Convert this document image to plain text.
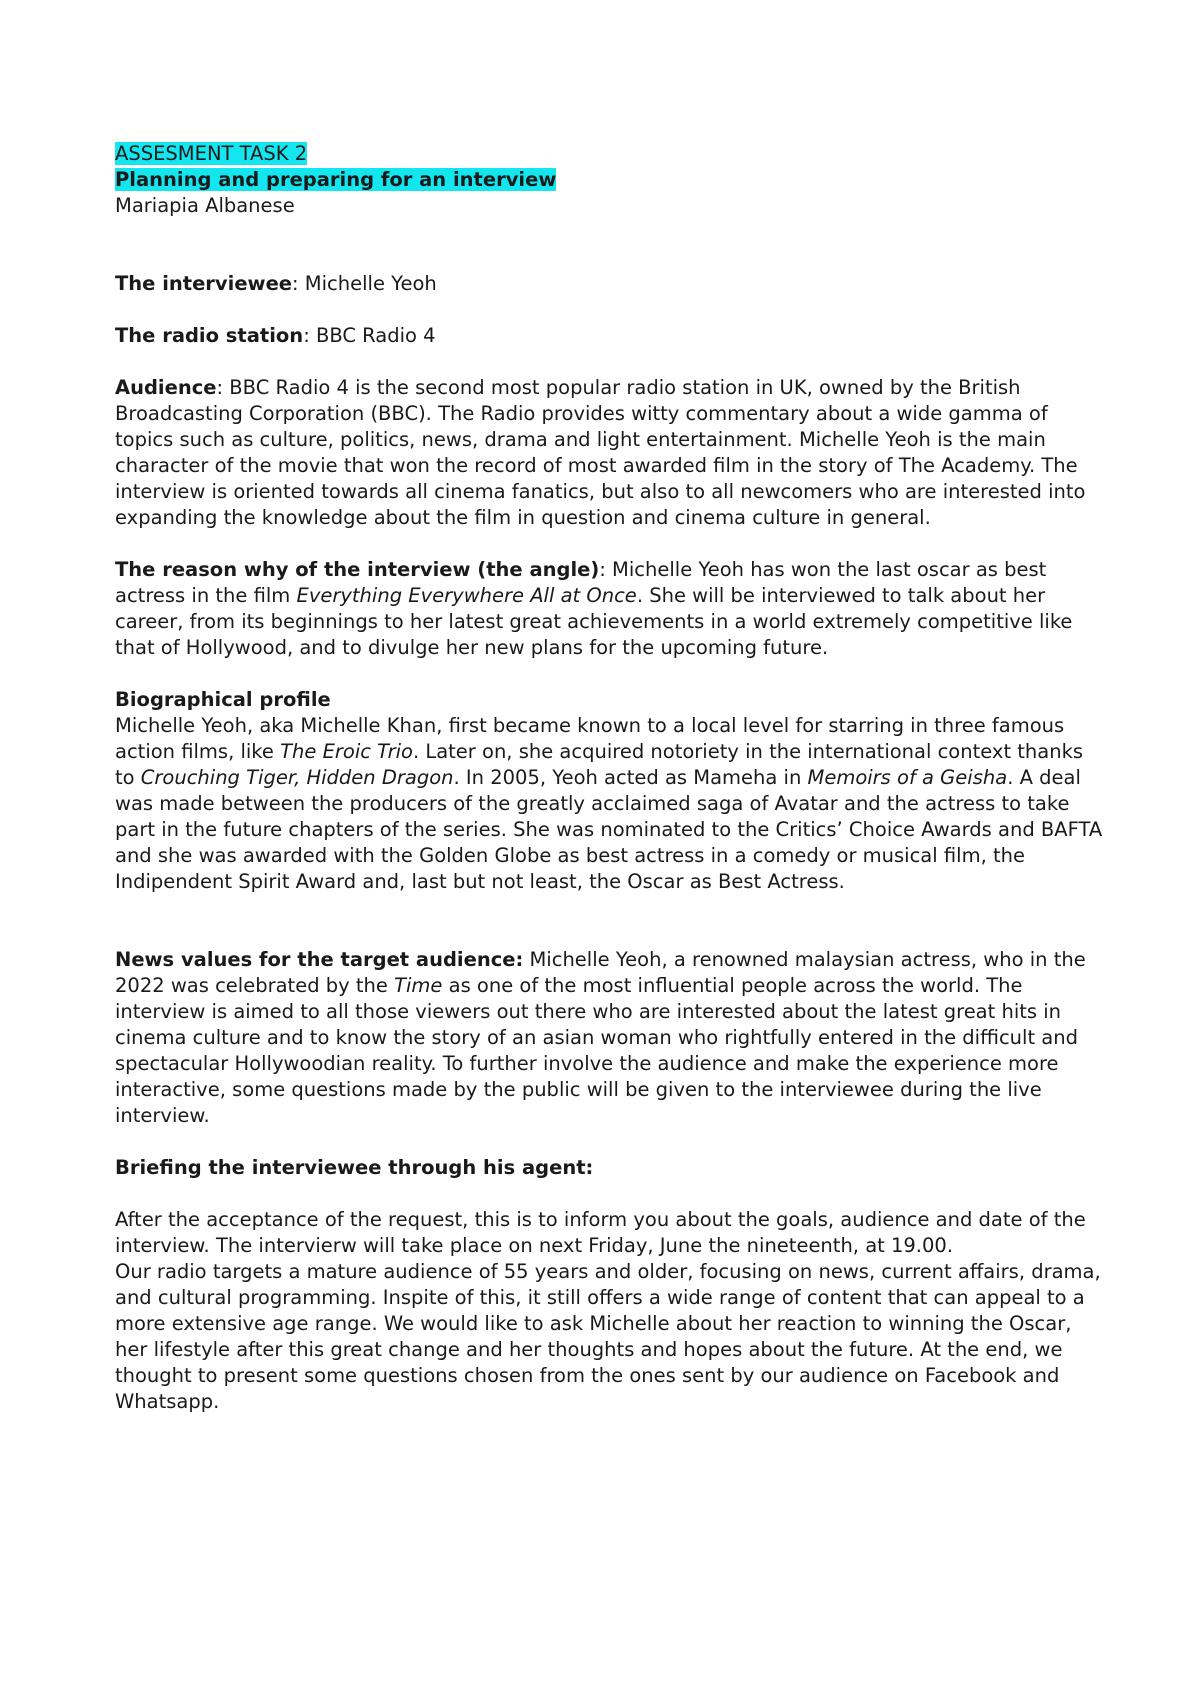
ASSESMENT TASK 2

Planning and preparing for an interview

Mariapia Albanese

The interviewee: Michelle Yeoh

The radio station: BBC Radio 4

Audience: BBC Radio 4 is the second most popular radio station in UK, owned by the British Broadcasting Corporation (BBC). The Radio provides witty commentary about a wide gamma of topics such as culture, politics, news, drama and light entertainment. Michelle Yeoh is the main character of the movie that won the record of most awarded film in the story of The Academy. The interview is oriented towards all cinema fanatics, but also to all newcomers who are interested into expanding the knowledge about the film in question and cinema culture in general.

The reason why of the interview (the angle): Michelle Yeoh has won the last oscar as best actress in the film Everything Everywhere All at Once. She will be interviewed to talk about her career, from its beginnings to her latest great achievements in a world extremely competitive like that of Hollywood, and to divulge her new plans for the upcoming future.

Biographical profile

Michelle Yeoh, aka Michelle Khan, first became known to a local level for starring in three famous action films, like The Eroic Trio. Later on, she acquired notoriety in the international context thanks to Crouching Tiger, Hidden Dragon. In 2005, Yeoh acted as Mameha in Memoirs of a Geisha. A deal was made between the producers of the greatly acclaimed saga of Avatar and the actress to take part in the future chapters of the series. She was nominated to the Critics’ Choice Awards and BAFTA and she was awarded with the Golden Globe as best actress in a comedy or musical film, the Indipendent Spirit Award and, last but not least, the Oscar as Best Actress.

News values for the target audience: Michelle Yeoh, a renowned malaysian actress, who in the 2022 was celebrated by the Time as one of the most influential people across the world. The interview is aimed to all those viewers out there who are interested about the latest great hits in cinema culture and to know the story of an asian woman who rightfully entered in the difficult and spectacular Hollywoodian reality. To further involve the audience and make the experience more interactive, some questions made by the public will be given to the interviewee during the live interview.

Briefing the interviewee through his agent:

After the acceptance of the request, this is to inform you about the goals, audience and date of the interview. The intervierw will take place on next Friday, June the nineteenth, at 19.00.

Our radio targets a mature audience of 55 years and older, focusing on news, current affairs, drama, and cultural programming. Inspite of this, it still offers a wide range of content that can appeal to a more extensive age range. We would like to ask Michelle about her reaction to winning the Oscar, her lifestyle after this great change and her thoughts and hopes about the future. At the end, we thought to present some questions chosen from the ones sent by our audience on Facebook and Whatsapp.
